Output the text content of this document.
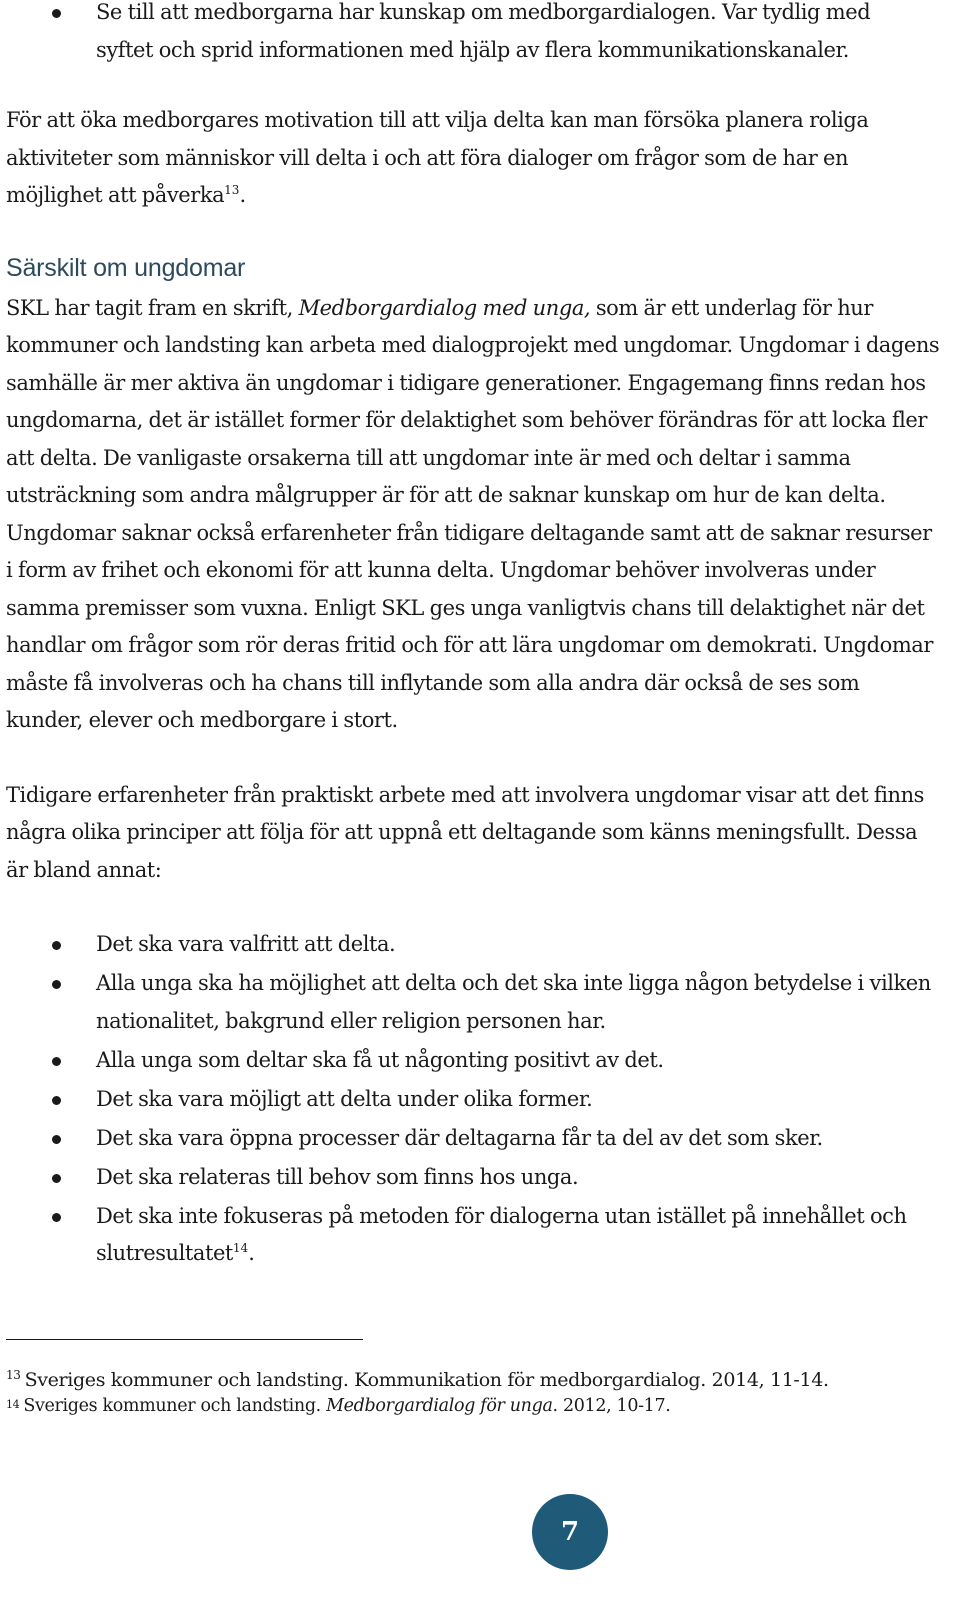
Se till att medborgarna har kunskap om medborgardialogen. Var tydlig med
syftet och sprid informationen med hjälp av flera kommunikationskanaler.

För att öka medborgares motivation till att vilja delta kan man försöka planera roliga aktiviteter som människor vill delta i och att föra dialoger om frågor som de har en möjlighet att påverka$^{13}$.

Särskilt om ungdomar

SKL har tagit fram en skrift, Medborgardialog med unga, som är ett underlag för hur kommuner och landsting kan arbeta med dialogprojekt med ungdomar. Ungdomar i dagens samhälle är mer aktiva än ungdomar i tidigare generationer. Engagemang finns redan hos ungdomarna, det är istället former för delaktighet som behöver förändras för att locka fler att delta. De vanligaste orsakerna till att ungdomar inte är med och deltar i samma utsträckning som andra målgrupper är för att de saknar kunskap om hur de kan delta. Ungdomar saknar också erfarenheter från tidigare deltagande samt att de saknar resurser i form av frihet och ekonomi för att kunna delta. Ungdomar behöver involveras under samma premisser som vuxna. Enligt SKL ges unga vanligtvis chans till delaktighet när det handlar om frågor som rör deras fritid och för att lära ungdomar om demokrati. Ungdomar måste få involveras och ha chans till inflytande som alla andra där också de ses som kunder, elever och medborgare i stort.

Tidigare erfarenheter från praktiskt arbete med att involvera ungdomar visar att det finns några olika principer att följa för att uppnå ett deltagande som känns meningsfullt. Dessa är bland annat:

Det ska vara valfritt att delta.
Alla unga ska ha möjlighet att delta och det ska inte ligga någon betydelse i vilken nationalitet, bakgrund eller religion personen har.
Alla unga som deltar ska få ut någonting positivt av det.
Det ska vara möjligt att delta under olika former.
Det ska vara öppna processer där deltagarna får ta del av det som sker.
Det ska relateras till behov som finns hos unga.
Det ska inte fokuseras på metoden för dialogerna utan istället på innehållet och slutresultatet$^{14}$.

$^{13}$ Sveriges kommuner och landsting. Kommunikation för medborgardialog. 2014, 11-14.

14 Sveriges kommuner och landsting. Medborgardialog för unga. 2012, 10-17.

7
